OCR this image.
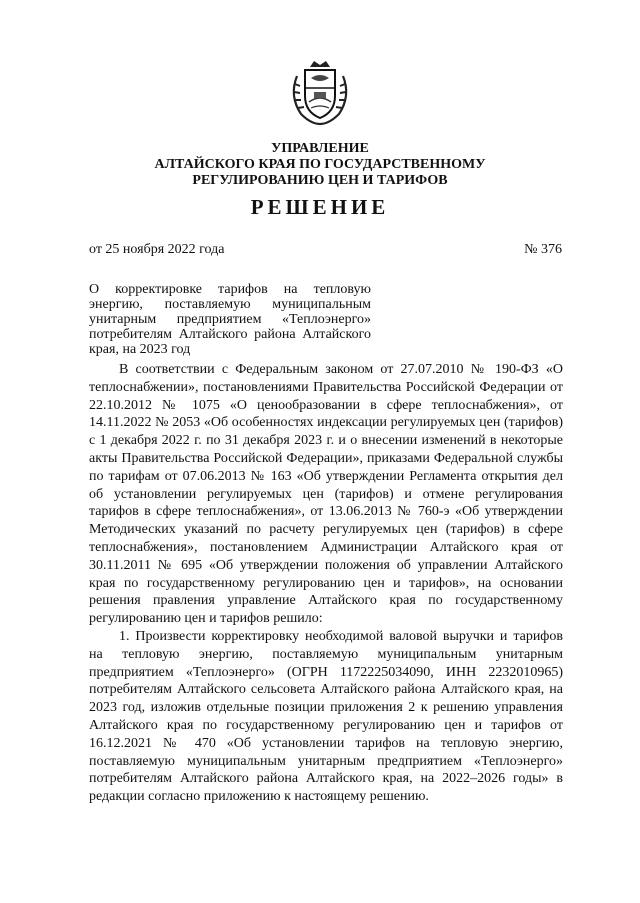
УПРАВЛЕНИЕ
АЛТАЙСКОГО КРАЯ ПО ГОСУДАРСТВЕННОМУ
РЕГУЛИРОВАНИЮ ЦЕН И ТАРИФОВ
РЕШЕНИЕ
от 25 ноября 2022 года	№ 376
О корректировке тарифов на тепловую энергию, поставляемую муниципальным унитарным предприятием «Теплоэнерго» потребителям Алтайского района Алтайского края, на 2023 год

В соответствии с Федеральным законом от 27.07.2010 № 190-ФЗ «О теплоснабжении», постановлениями Правительства Российской Федерации от 22.10.2012 № 1075 «О ценообразовании в сфере теплоснабжения», от 14.11.2022 № 2053 «Об особенностях индексации регулируемых цен (тарифов) с 1 декабря 2022 г. по 31 декабря 2023 г. и о внесении изменений в некоторые акты Правительства Российской Федерации», приказами Федеральной службы по тарифам от 07.06.2013 № 163 «Об утверждении Регламента открытия дел об установлении регулируемых цен (тарифов) и отмене регулирования тарифов в сфере теплоснабжения», от 13.06.2013 № 760-э «Об утверждении Методических указаний по расчету регулируемых цен (тарифов) в сфере теплоснабжения», постановлением Администрации Алтайского края от 30.11.2011 № 695 «Об утверждении положения об управлении Алтайского края по государственному регулированию цен и тарифов», на основании решения правления управление Алтайского края по государственному регулированию цен и тарифов решило:

1. Произвести корректировку необходимой валовой выручки и тарифов на тепловую энергию, поставляемую муниципальным унитарным предприятием «Теплоэнерго» (ОГРН 1172225034090, ИНН 2232010965) потребителям Алтайского сельсовета Алтайского района Алтайского края, на 2023 год, изложив отдельные позиции приложения 2 к решению управления Алтайского края по государственному регулированию цен и тарифов от 16.12.2021 № 470 «Об установлении тарифов на тепловую энергию, поставляемую муниципальным унитарным предприятием «Теплоэнерго» потребителям Алтайского района Алтайского края, на 2022–2026 годы» в редакции согласно приложению к настоящему решению.
